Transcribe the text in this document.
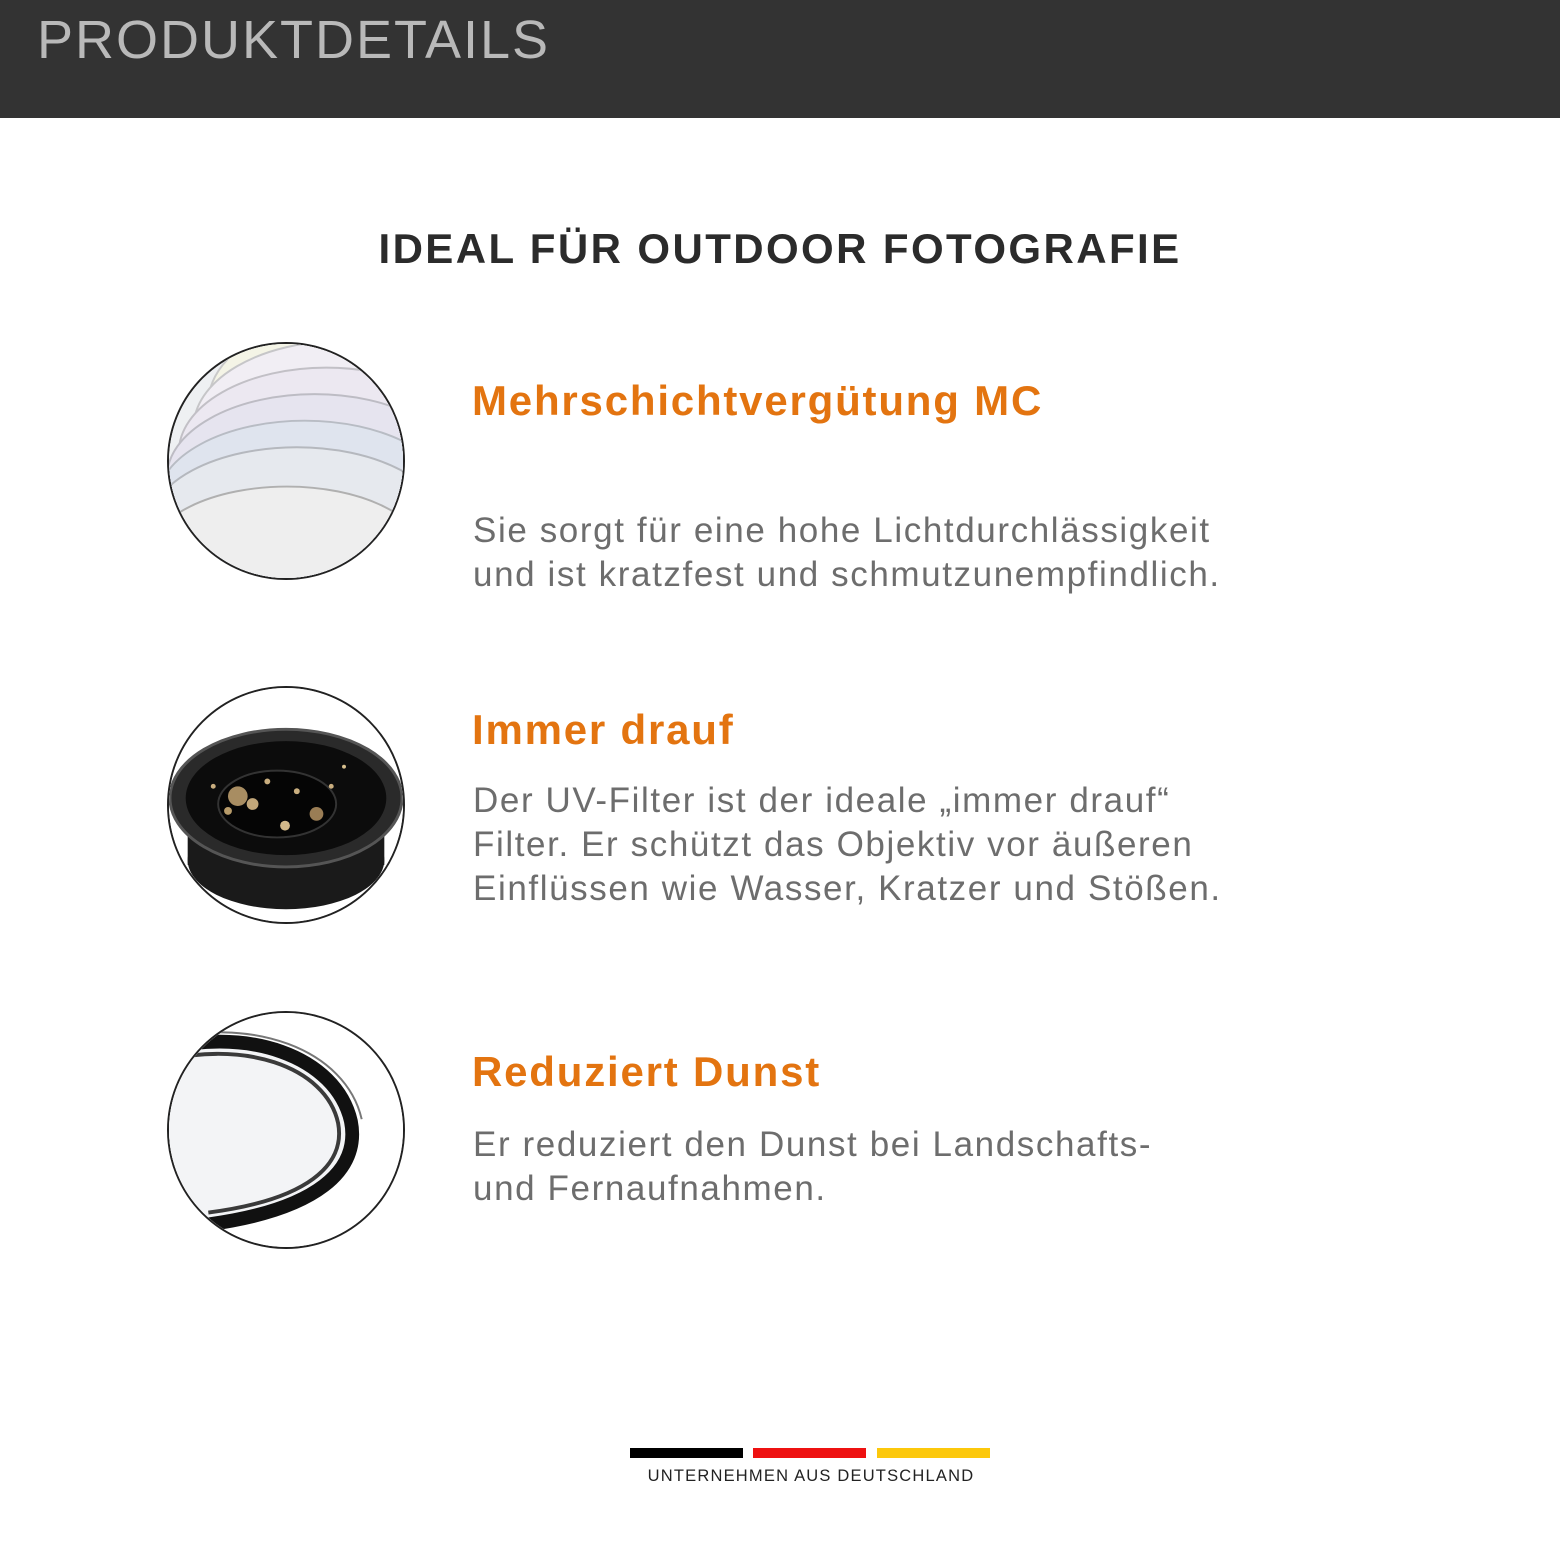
PRODUKTDETAILS
IDEAL FÜR OUTDOOR FOTOGRAFIE
Mehrschichtvergütung MC
Sie sorgt für eine hohe Lichtdurchlässigkeit
und ist kratzfest und schmutzunempfindlich.
Immer drauf
Der UV-Filter ist der ideale „immer drauf“
Filter. Er schützt das Objektiv vor äußeren
Einflüssen wie Wasser, Kratzer und Stößen.
Reduziert Dunst
Er reduziert den Dunst bei Landschafts-
und Fernaufnahmen.
UNTERNEHMEN AUS DEUTSCHLAND
